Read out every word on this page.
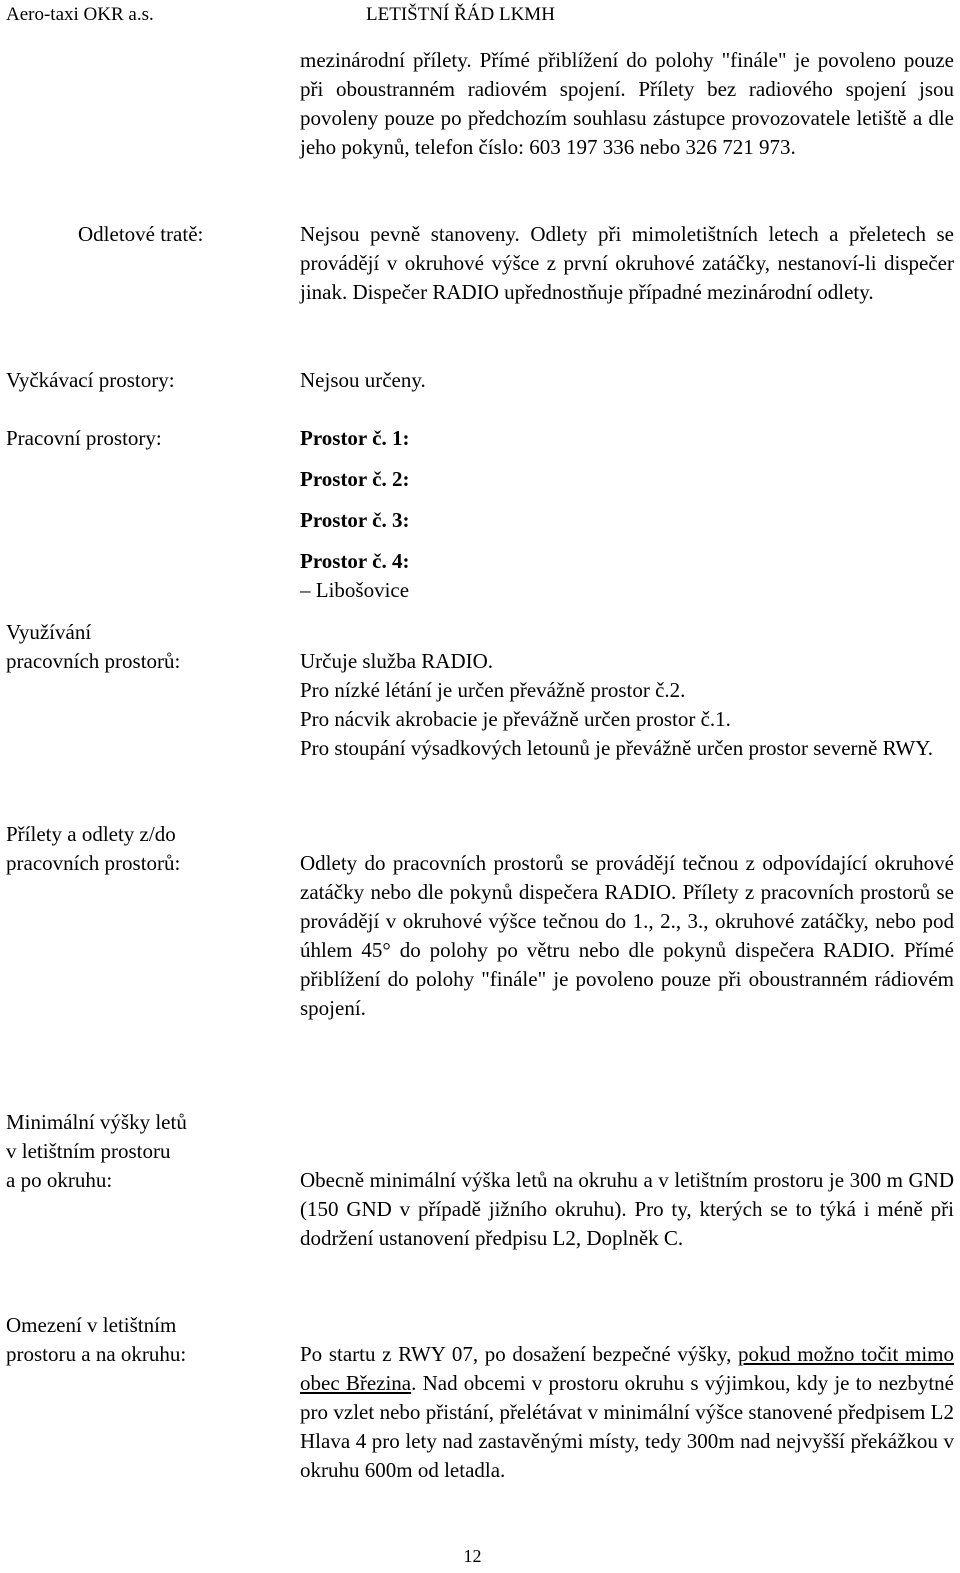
Aero-taxi OKR a.s.	LETIŠTNÍ ŘÁD LKMH

mezinárodní přílety. Přímé přiblížení do polohy "finále" je povoleno pouze při oboustranném radiovém spojení. Přílety bez radiového spojení jsou povoleny pouze po předchozím souhlasu zástupce provozovatele letiště a dle jeho pokynů, telefon číslo: 603 197 336 nebo 326 721 973.

Odletové tratě:	Nejsou pevně stanoveny. Odlety při mimoletištních letech a přeletech se provádějí v okruhové výšce z první okruhové zatáčky, nestanoví-li dispečer jinak. Dispečer RADIO upřednostňuje případné mezinárodní odlety.

Vyčkávací prostory:	Nejsou určeny.

Pracovní prostory:	Prostor č. 1:
Prostor č. 2:
Prostor č. 3:
Prostor č. 4:
– Libošovice
Využívání
pracovních prostorů:	Určuje služba RADIO.
Pro nízké létání je určen převážně prostor č.2.
Pro nácvik akrobacie je převážně určen prostor č.1.
Pro stoupání výsadkových letounů je převážně určen prostor severně RWY.
Přílety a odlety z/do
pracovních prostorů:	Odlety do pracovních prostorů se provádějí tečnou z odpovídající okruhové zatáčky nebo dle pokynů dispečera RADIO. Přílety z pracovních prostorů se provádějí v okruhové výšce tečnou do 1., 2., 3., okruhové zatáčky, nebo pod úhlem 45° do polohy po větru nebo dle pokynů dispečera RADIO. Přímé přiblížení do polohy "finále" je povoleno pouze při oboustranném rádiovém spojení.

Minimální výšky letů
v letištním prostoru
a po okruhu:	Obecně minimální výška letů na okruhu a v letištním prostoru je 300 m GND (150 GND v případě jižního okruhu). Pro ty, kterých se to týká i méně při dodržení ustanovení předpisu L2, Doplněk C.

Omezení v letištním
prostoru a na okruhu:	Po startu z RWY 07, po dosažení bezpečné výšky, pokud možno točit mimo obec Březina. Nad obcemi v prostoru okruhu s výjimkou, kdy je to nezbytné pro vzlet nebo přistání, přelétávat v minimální výšce stanovené předpisem L2 Hlava 4 pro lety nad zastavěnými místy, tedy 300m nad nejvyšší překážkou v okruhu 600m od letadla.

12
